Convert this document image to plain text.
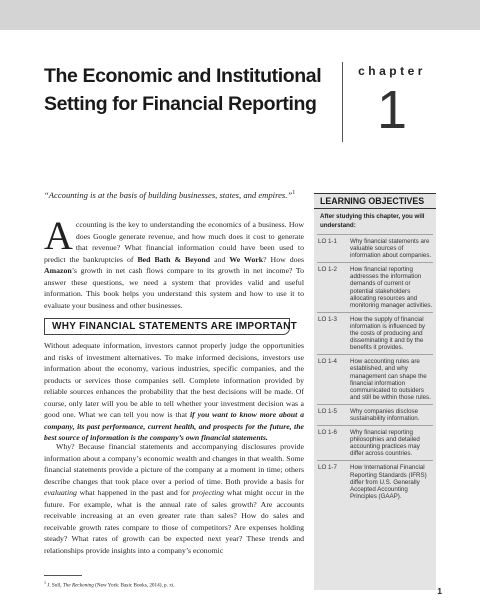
The Economic and Institutional
Setting for Financial Reporting
chapter
1

“Accounting is at the basis of building businesses, states, and empires.”$^1$

Accounting is the key to understanding the economics of a business. How does Google generate revenue, and how much does it cost to generate that revenue? What financial information could have been used to predict the bankruptcies of Bed Bath & Beyond and We Work? How does Amazon’s growth in net cash flows compare to its growth in net income? To answer these questions, we need a system that provides valid and useful information. This book helps you understand this system and how to use it to evaluate your business and other businesses.

WHY FINANCIAL STATEMENTS ARE IMPORTANT

Without adequate information, investors cannot properly judge the opportunities and risks of investment alternatives. To make informed decisions, investors use information about the economy, various industries, specific companies, and the products or services those companies sell. Complete information provided by reliable sources enhances the probability that the best decisions will be made. Of course, only later will you be able to tell whether your investment decision was a good one. What we can tell you now is that if you want to know more about a company, its past performance, current health, and prospects for the future, the best source of information is the company’s own financial statements.

Why? Because financial statements and accompanying disclosures provide information about a company’s economic wealth and changes in that wealth. Some financial statements provide a picture of the company at a moment in time; others describe changes that took place over a period of time. Both provide a basis for evaluating what happened in the past and for projecting what might occur in the future. For example, what is the annual rate of sales growth? Are accounts receivable increasing at an even greater rate than sales? How do sales and receivable growth rates compare to those of competitors? Are expenses holding steady? What rates of growth can be expected next year? These trends and relationships provide insights into a company’s economic

$^1$ J. Soll, The Reckoning (New York: Basic Books, 2014), p. xi.

LEARNING OBJECTIVES

After studying this chapter, you will understand:

LO 1-1	Why financial statements are valuable sources of information about companies.
LO 1-2	How financial reporting addresses the information demands of current or potential stakeholders allocating resources and monitoring manager activities.
LO 1-3	How the supply of financial information is influenced by the costs of producing and disseminating it and by the benefits it provides.
LO 1-4	How accounting rules are established, and why management can shape the financial information communicated to outsiders and still be within those rules.
LO 1-5	Why companies disclose sustainability information.
LO 1-6	Why financial reporting philosophies and detailed accounting practices may differ across countries.
LO 1-7	How International Financial Reporting Standards (IFRS) differ from U.S. Generally Accepted Accounting Principles (GAAP).
1
